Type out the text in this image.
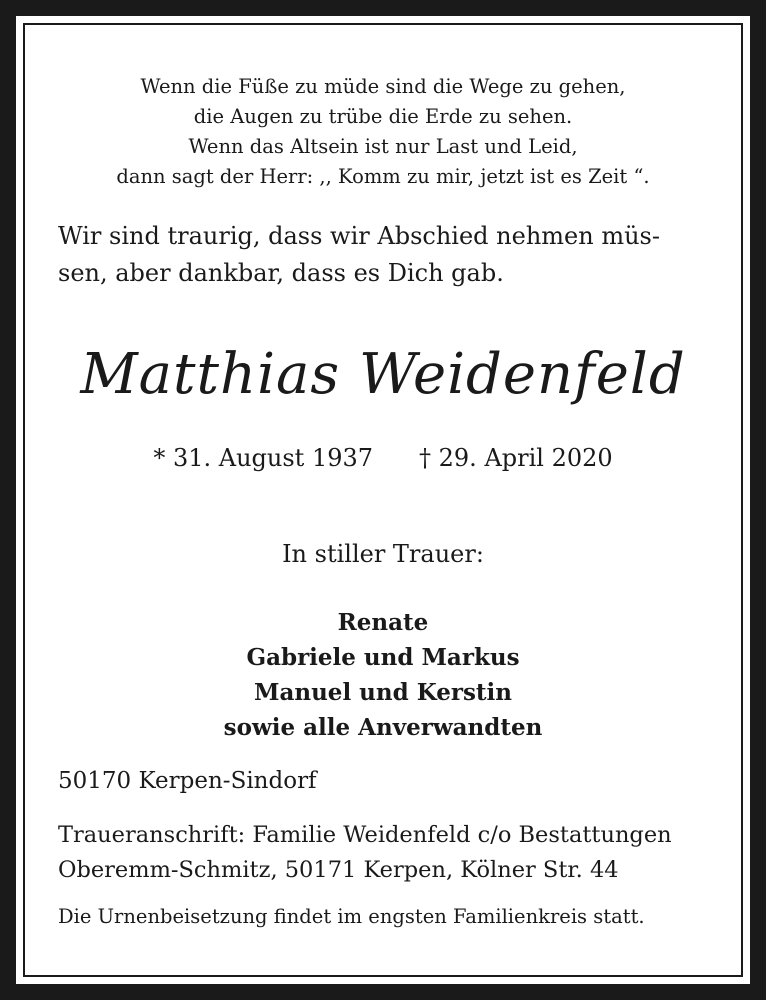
Wenn die Füße zu müde sind die Wege zu gehen,
die Augen zu trübe die Erde zu sehen.
Wenn das Altsein ist nur Last und Leid,
dann sagt der Herr: ,, Komm zu mir, jetzt ist es Zeit “.
Wir sind traurig, dass wir Abschied nehmen müs-
sen, aber dankbar, dass es Dich gab.
Matthias Weidenfeld
* 31. August 1937 † 29. April 2020
In stiller Trauer:
Renate
Gabriele und Markus
Manuel und Kerstin
sowie alle Anverwandten
50170 Kerpen-Sindorf
Traueranschrift: Familie Weidenfeld c/o Bestattungen
Oberemm-Schmitz, 50171 Kerpen, Kölner Str. 44
Die Urnenbeisetzung findet im engsten Familienkreis statt.
